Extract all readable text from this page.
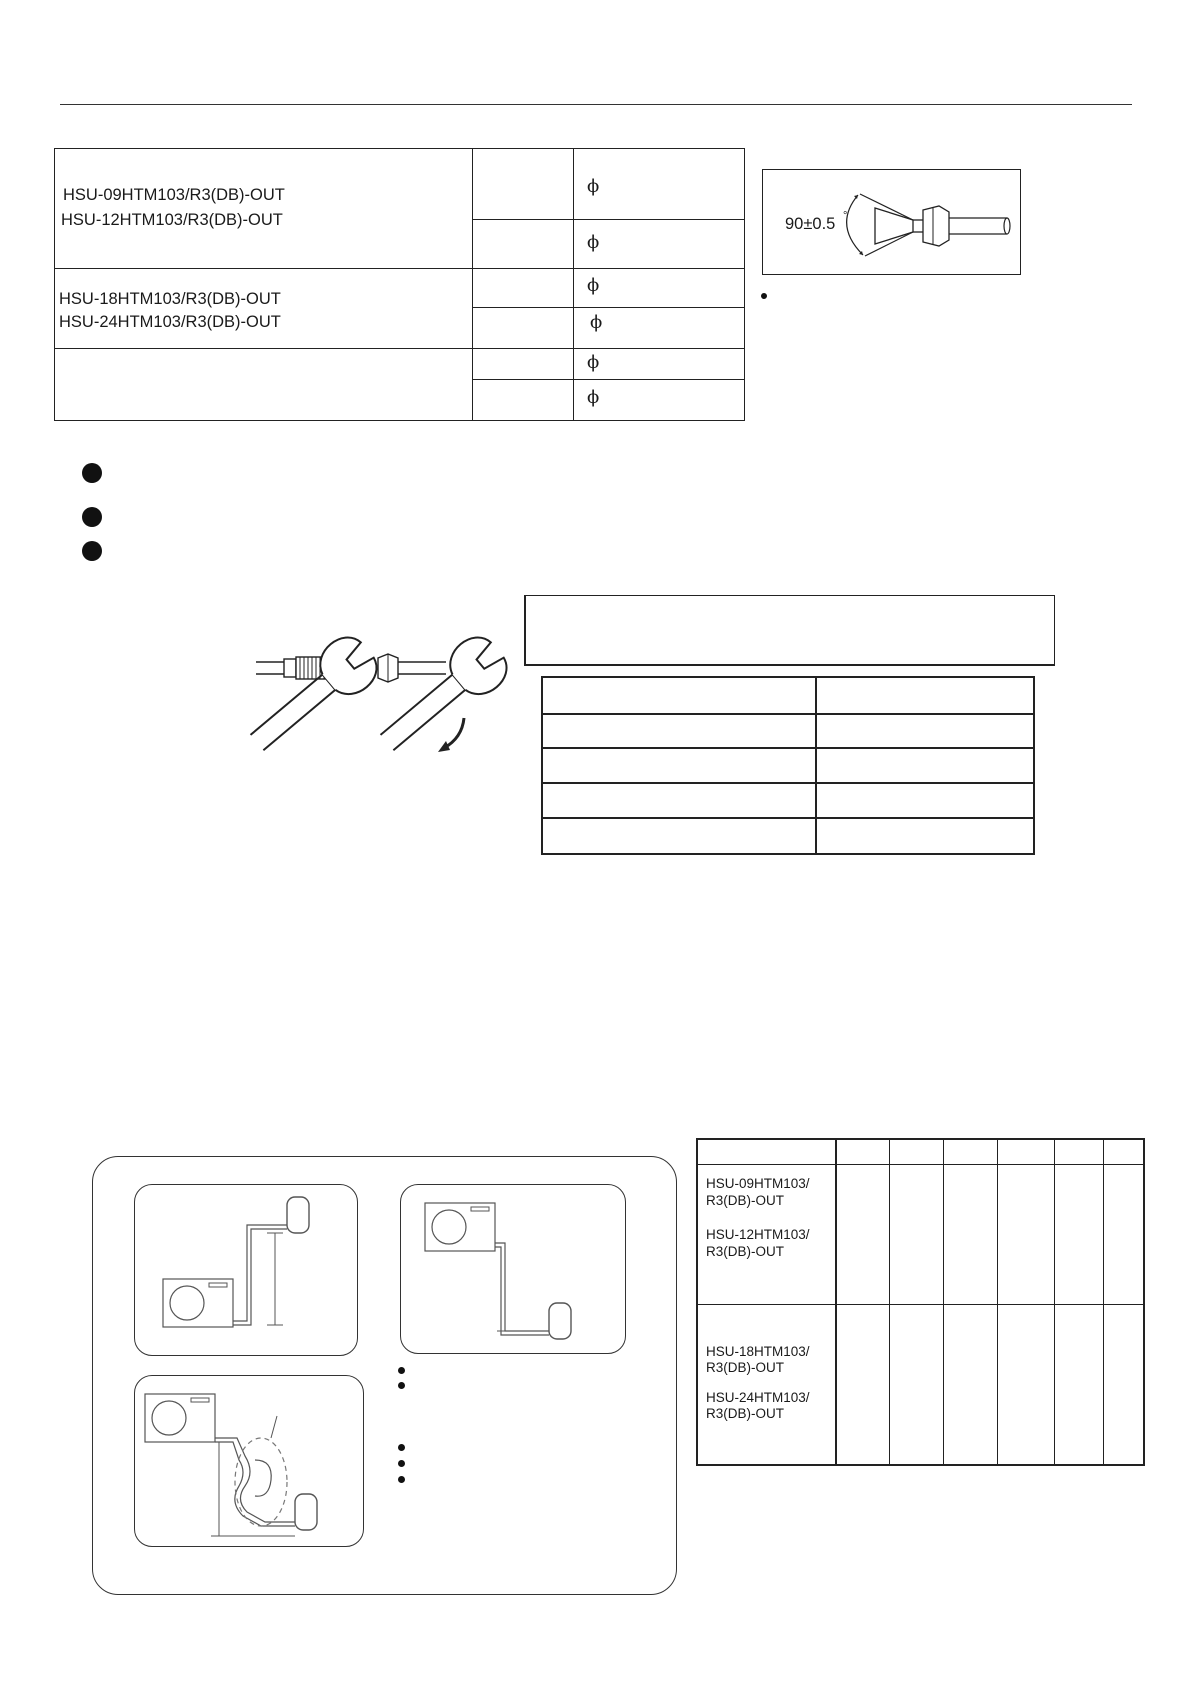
HSU-09HTM103/R3(DB)-OUT
HSU-12HTM103/R3(DB)-OUT
HSU-18HTM103/R3(DB)-OUT
HSU-24HTM103/R3(DB)-OUT
ϕ
ϕ
ϕ
ϕ
ϕ
ϕ
90±0.5 °
HSU-09HTM103/
R3(DB)-OUT
HSU-12HTM103/
R3(DB)-OUT
HSU-18HTM103/
R3(DB)-OUT
HSU-24HTM103/
R3(DB)-OUT
